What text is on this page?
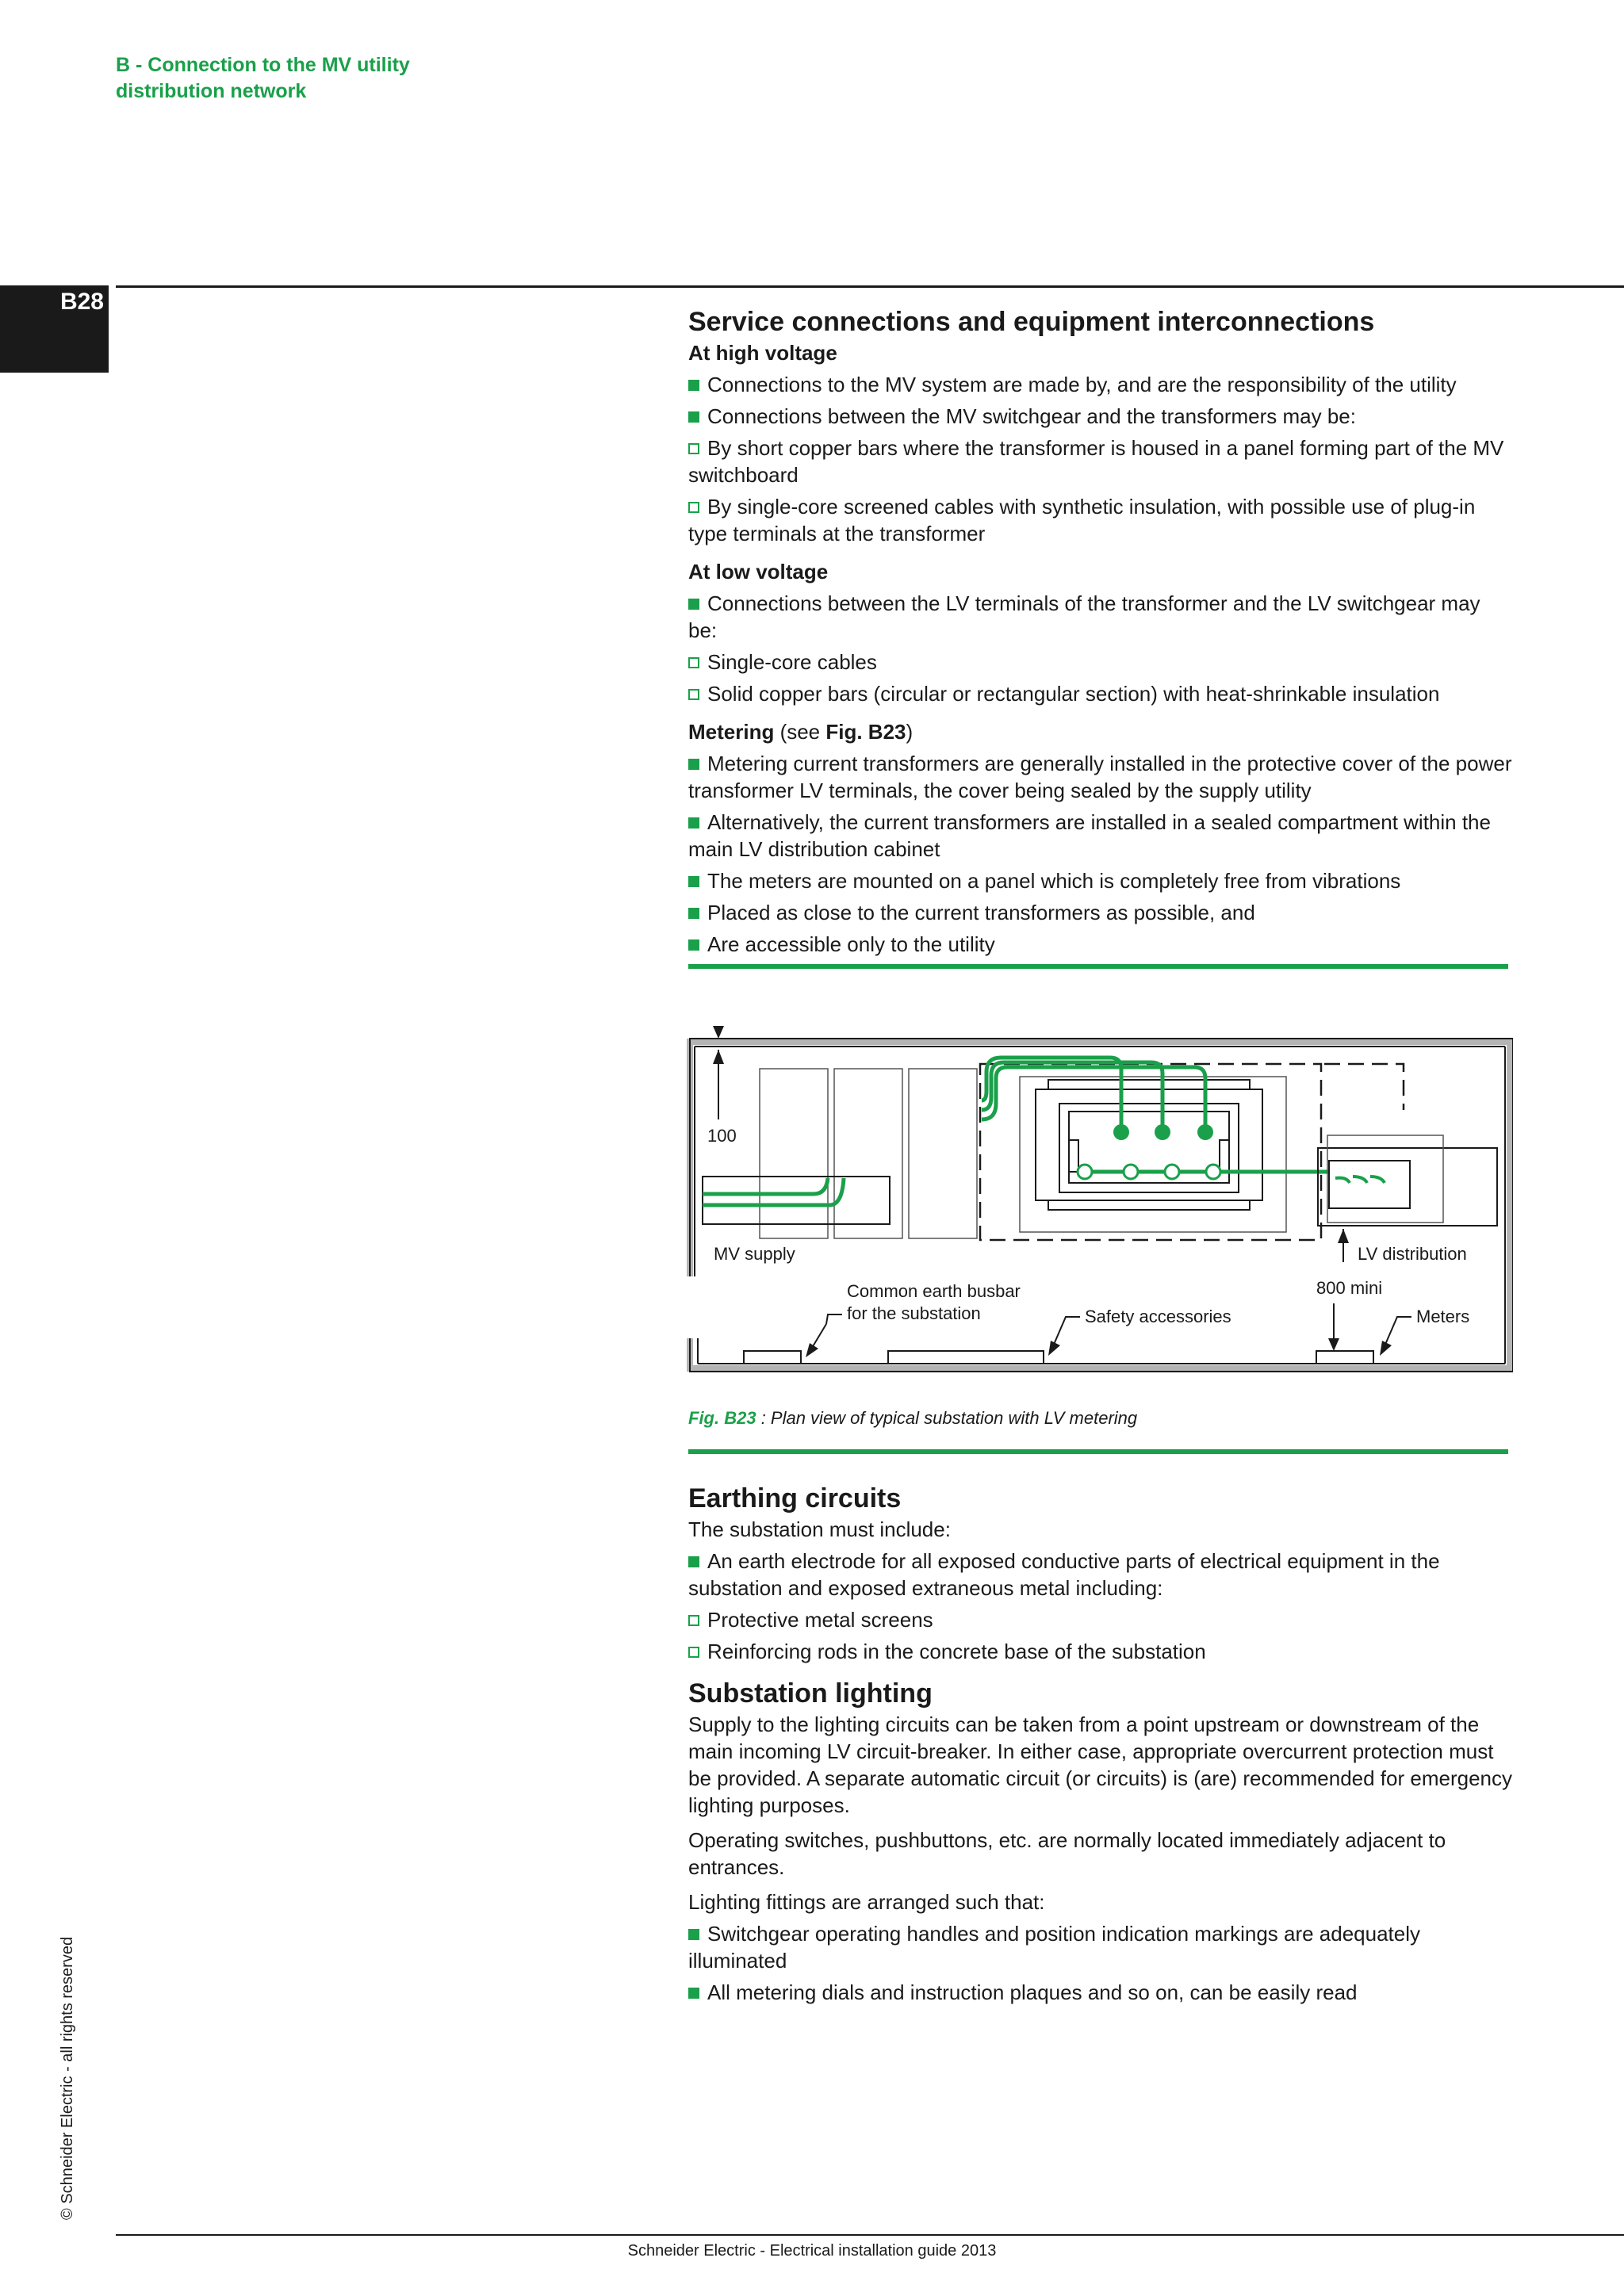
B - Connection to the MV utility
distribution network
B28
Service connections and equipment interconnections
At high voltage

Connections to the MV system are made by, and are the responsibility of the utility

Connections between the MV switchgear and the transformers may be:

By short copper bars where the transformer is housed in a panel forming part of the MV switchboard

By single-core screened cables with synthetic insulation, with possible use of plug-in type terminals at the transformer

At low voltage

Connections between the LV terminals of the transformer and the LV switchgear may be:

Single-core cables

Solid copper bars (circular or rectangular section) with heat-shrinkable insulation

Metering (see Fig. B23)

Metering current transformers are generally installed in the protective cover of the power transformer LV terminals, the cover being sealed by the supply utility

Alternatively, the current transformers are installed in a sealed compartment within the main LV distribution cabinet

The meters are mounted on a panel which is completely free from vibrations

Placed as close to the current transformers as possible, and

Are accessible only to the utility

100
MV supply	LV distribution
800 mini
Common earth busbar
for the substation	Safety accessories	Meters
Fig. B23 : Plan view of typical substation with LV metering
Earthing circuits

The substation must include:

An earth electrode for all exposed conductive parts of electrical equipment in the substation and exposed extraneous metal including:

Protective metal screens

Reinforcing rods in the concrete base of the substation

Substation lighting

Supply to the lighting circuits can be taken from a point upstream or downstream of the main incoming LV circuit-breaker. In either case, appropriate overcurrent protection must be provided. A separate automatic circuit (or circuits) is (are) recommended for emergency lighting purposes.

Operating switches, pushbuttons, etc. are normally located immediately adjacent to entrances.

Lighting fittings are arranged such that:

Switchgear operating handles and position indication markings are adequately illuminated

All metering dials and instruction plaques and so on, can be easily read

© Schneider Electric - all rights reserved
Schneider Electric - Electrical installation guide 2013
